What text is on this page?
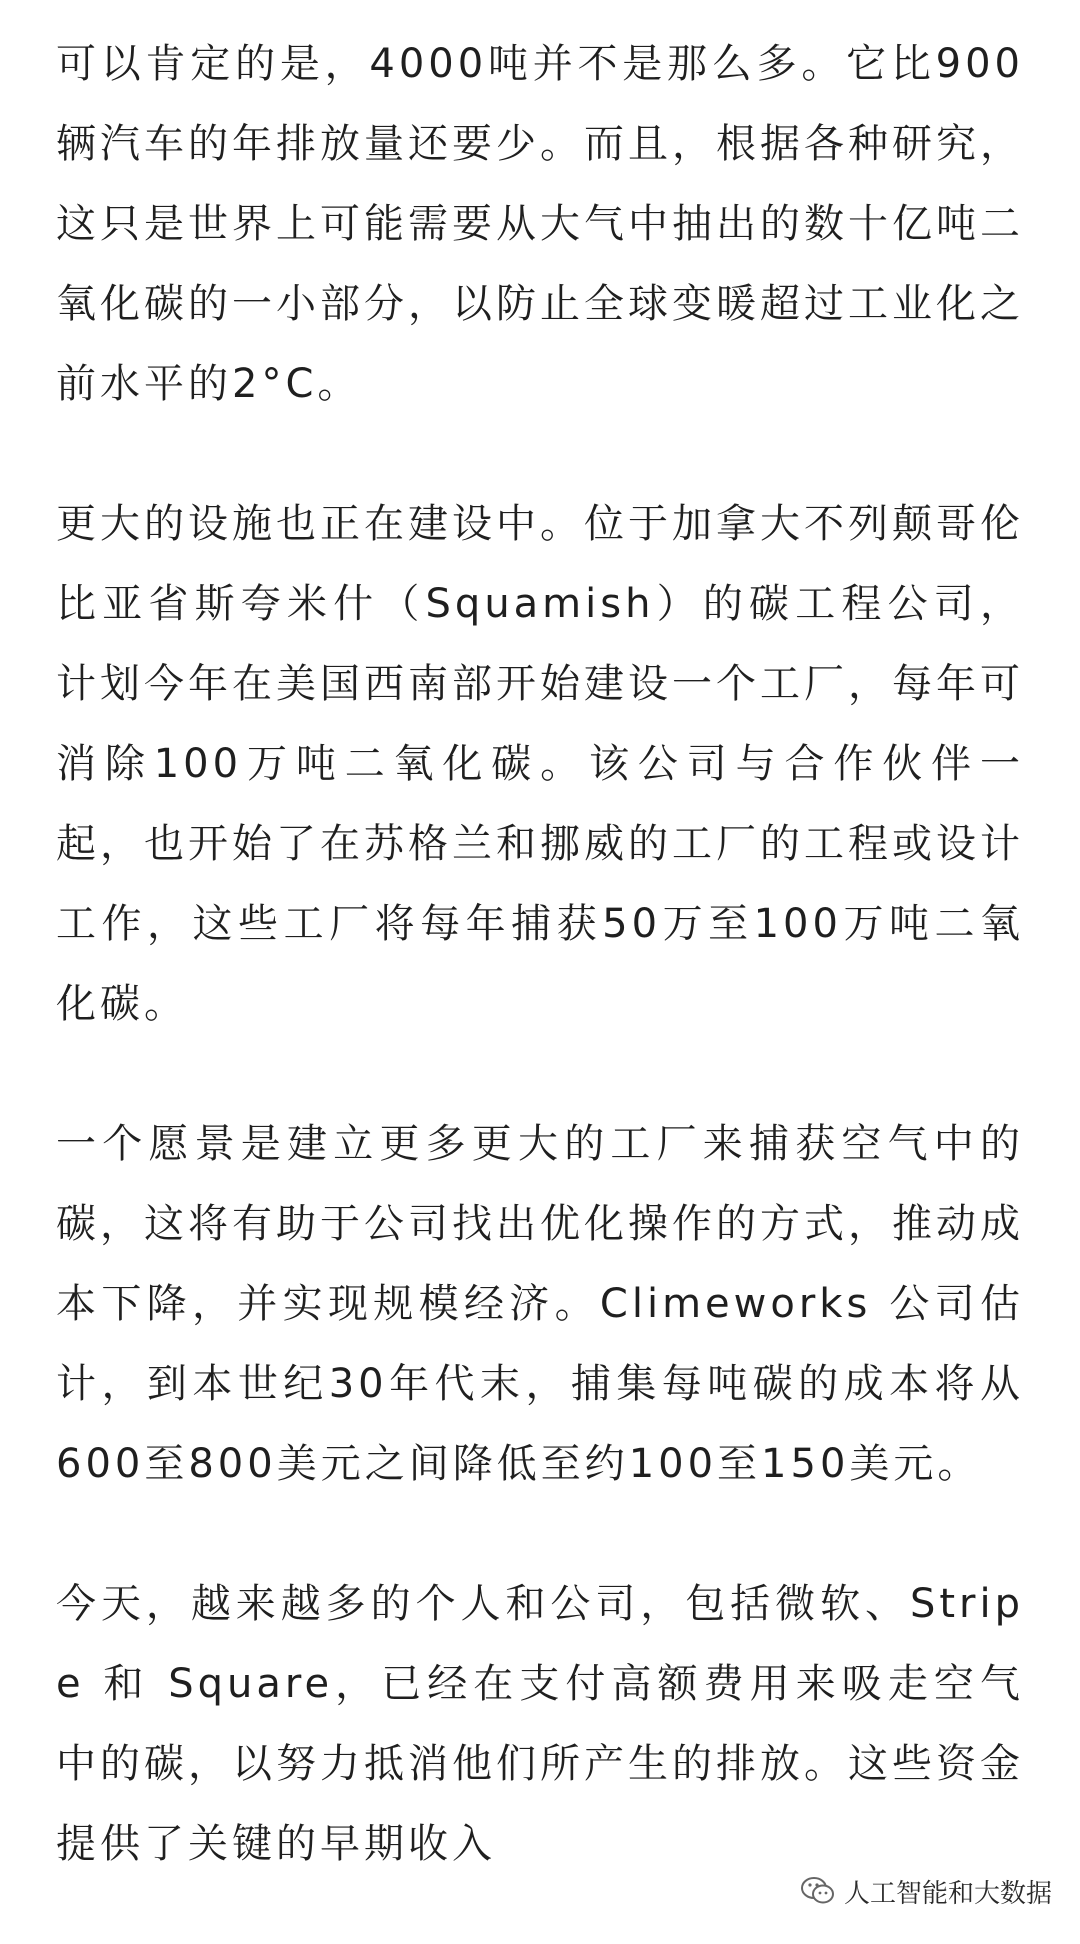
可以肯定的是，4000吨并不是那么多。它比900辆汽车的年排放量还要少。而且，根据各种研究，这只是世界上可能需要从大气中抽出的数十亿吨二氧化碳的一小部分，以防止全球变暖超过工业化之前水平的2°C。

更大的设施也正在建设中。位于加拿大不列颠哥伦比亚省斯夸米什（Squamish）的碳工程公司，计划今年在美国西南部开始建设一个工厂，每年可消除100万吨二氧化碳。该公司与合作伙伴一起，也开始了在苏格兰和挪威的工厂的工程或设计工作，这些工厂将每年捕获50万至100万吨二氧化碳。

一个愿景是建立更多更大的工厂来捕获空气中的碳，这将有助于公司找出优化操作的方式，推动成本下降，并实现规模经济。Climeworks 公司估计，到本世纪30年代末，捕集每吨碳的成本将从600至800美元之间降低至约100至150美元。

今天，越来越多的个人和公司，包括微软、Stripe 和 Square，已经在支付高额费用来吸走空气中的碳，以努力抵消他们所产生的排放。这些资金提供了关键的早期收入

人工智能和大数据
